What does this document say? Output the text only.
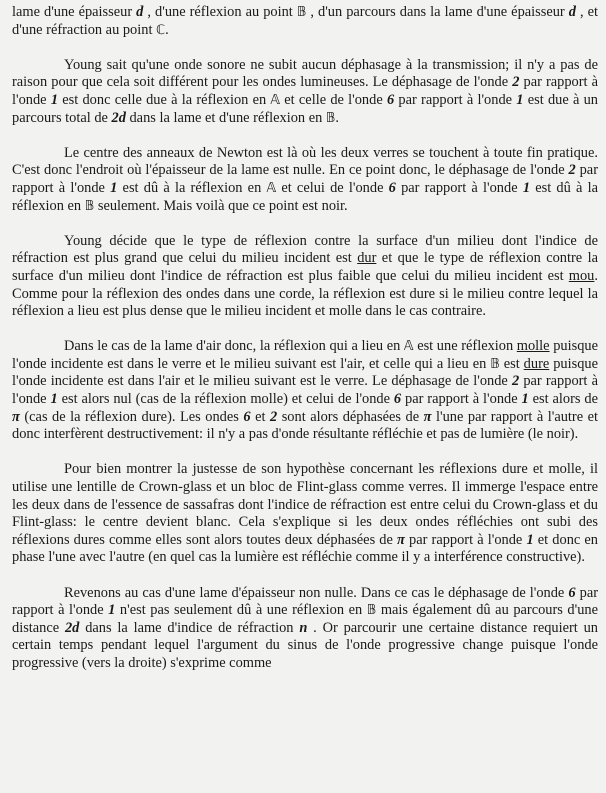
lame d'une épaisseur d , d'une réflexion au point 𝔹 , d'un parcours dans la lame d'une épaisseur d , et d'une réfraction au point ℂ.

Young sait qu'une onde sonore ne subit aucun déphasage à la transmission; il n'y a pas de raison pour que cela soit différent pour les ondes lumineuses. Le déphasage de l'onde 2 par rapport à l'onde 1 est donc celle due à la réflexion en 𝔸 et celle de l'onde 6 par rapport à l'onde 1 est due à un parcours total de 2d dans la lame et d'une réflexion en 𝔹.

Le centre des anneaux de Newton est là où les deux verres se touchent à toute fin pratique. C'est donc l'endroit où l'épaisseur de la lame est nulle. En ce point donc, le déphasage de l'onde 2 par rapport à l'onde 1 est dû à la réflexion en 𝔸 et celui de l'onde 6 par rapport à l'onde 1 est dû à la réflexion en 𝔹 seulement. Mais voilà que ce point est noir.

Young décide que le type de réflexion contre la surface d'un milieu dont l'indice de réfraction est plus grand que celui du milieu incident est dur et que le type de réflexion contre la surface d'un milieu dont l'indice de réfraction est plus faible que celui du milieu incident est mou. Comme pour la réflexion des ondes dans une corde, la réflexion est dure si le milieu contre lequel la réflexion a lieu est plus dense que le milieu incident et molle dans le cas contraire.

Dans le cas de la lame d'air donc, la réflexion qui a lieu en 𝔸 est une réflexion molle puisque l'onde incidente est dans le verre et le milieu suivant est l'air, et celle qui a lieu en 𝔹 est dure puisque l'onde incidente est dans l'air et le milieu suivant est le verre. Le déphasage de l'onde 2 par rapport à l'onde 1 est alors nul (cas de la réflexion molle) et celui de l'onde 6 par rapport à l'onde 1 est alors de π (cas de la réflexion dure). Les ondes 6 et 2 sont alors déphasées de π l'une par rapport à l'autre et donc interfèrent destructivement: il n'y a pas d'onde résultante réfléchie et pas de lumière (le noir).

Pour bien montrer la justesse de son hypothèse concernant les réflexions dure et molle, il utilise une lentille de Crown-glass et un bloc de Flint-glass comme verres. Il immerge l'espace entre les deux dans de l'essence de sassafras dont l'indice de réfraction est entre celui du Crown-glass et du Flint-glass: le centre devient blanc. Cela s'explique si les deux ondes réfléchies ont subi des réflexions dures comme elles sont alors toutes deux déphasées de π par rapport à l'onde 1 et donc en phase l'une avec l'autre (en quel cas la lumière est réfléchie comme il y a interférence constructive).

Revenons au cas d'une lame d'épaisseur non nulle. Dans ce cas le déphasage de l'onde 6 par rapport à l'onde 1 n'est pas seulement dû à une réflexion en 𝔹 mais également dû au parcours d'une distance 2d dans la lame d'indice de réfraction n . Or parcourir une certaine distance requiert un certain temps pendant lequel l'argument du sinus de l'onde progressive change puisque l'onde progressive (vers la droite) s'exprime comme
